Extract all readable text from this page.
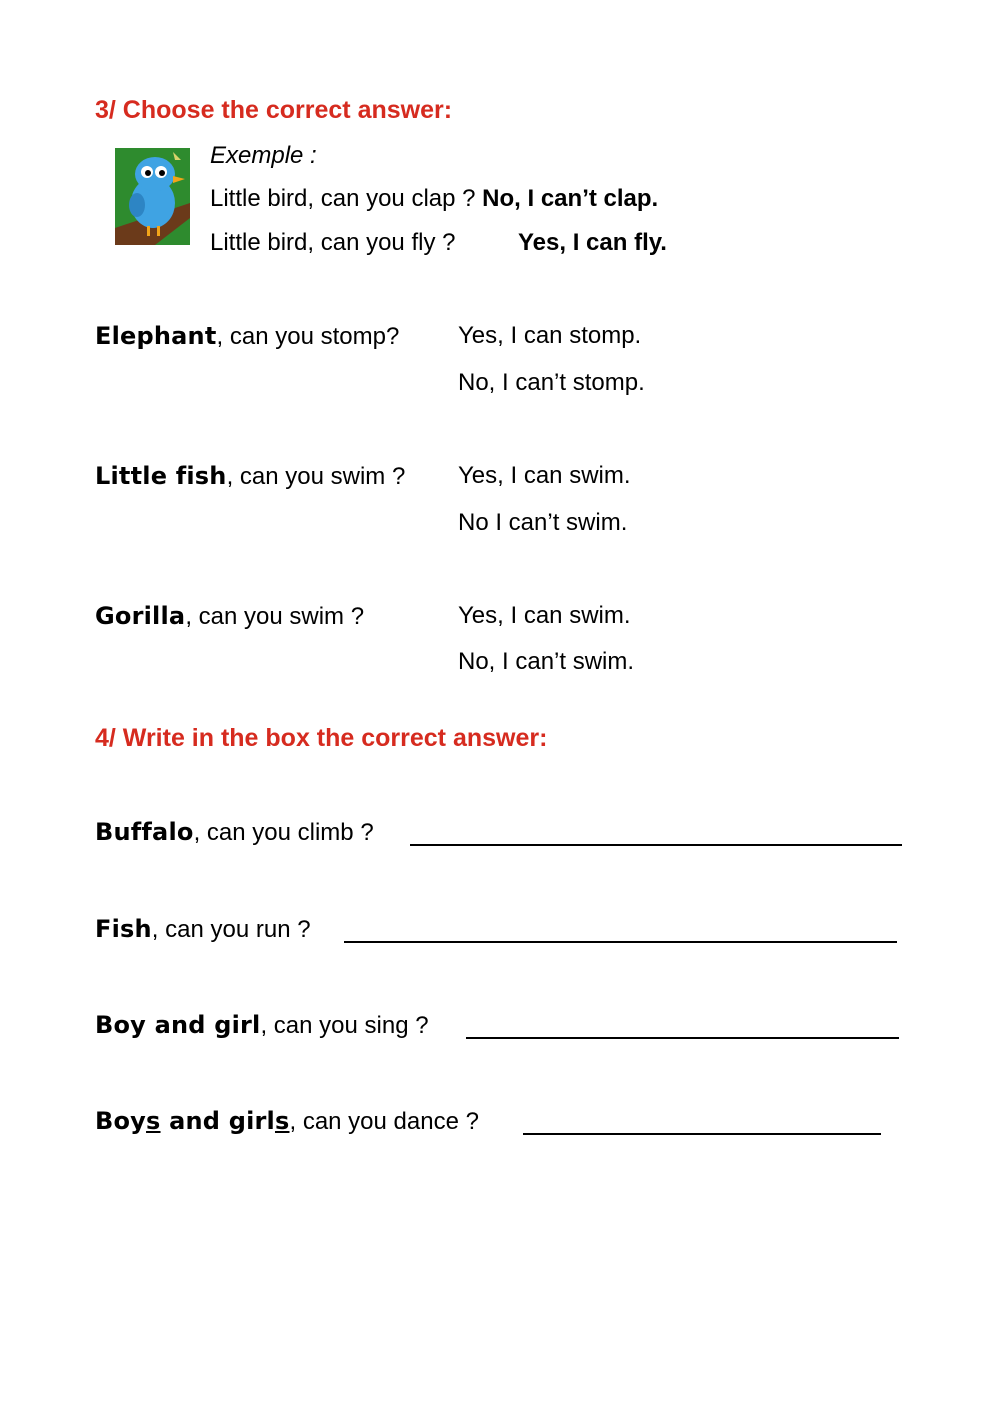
3/ Choose the correct answer:
Exemple :
Little bird, can you clap ? No, I can’t clap.
Little bird, can you fly ?	Yes, I can fly.
Elephant, can you stomp? Yes, I can stomp.
No, I can’t stomp.
Little fish, can you swim ? Yes, I can swim.
No I can’t swim.
Gorilla, can you swim ?	Yes, I can swim.
No, I can’t swim.
4/ Write in the box the correct answer:
Buffalo, can you climb ?
Fish, can you run ?
Boy and girl, can you sing ?
Boys and girls, can you dance ?
